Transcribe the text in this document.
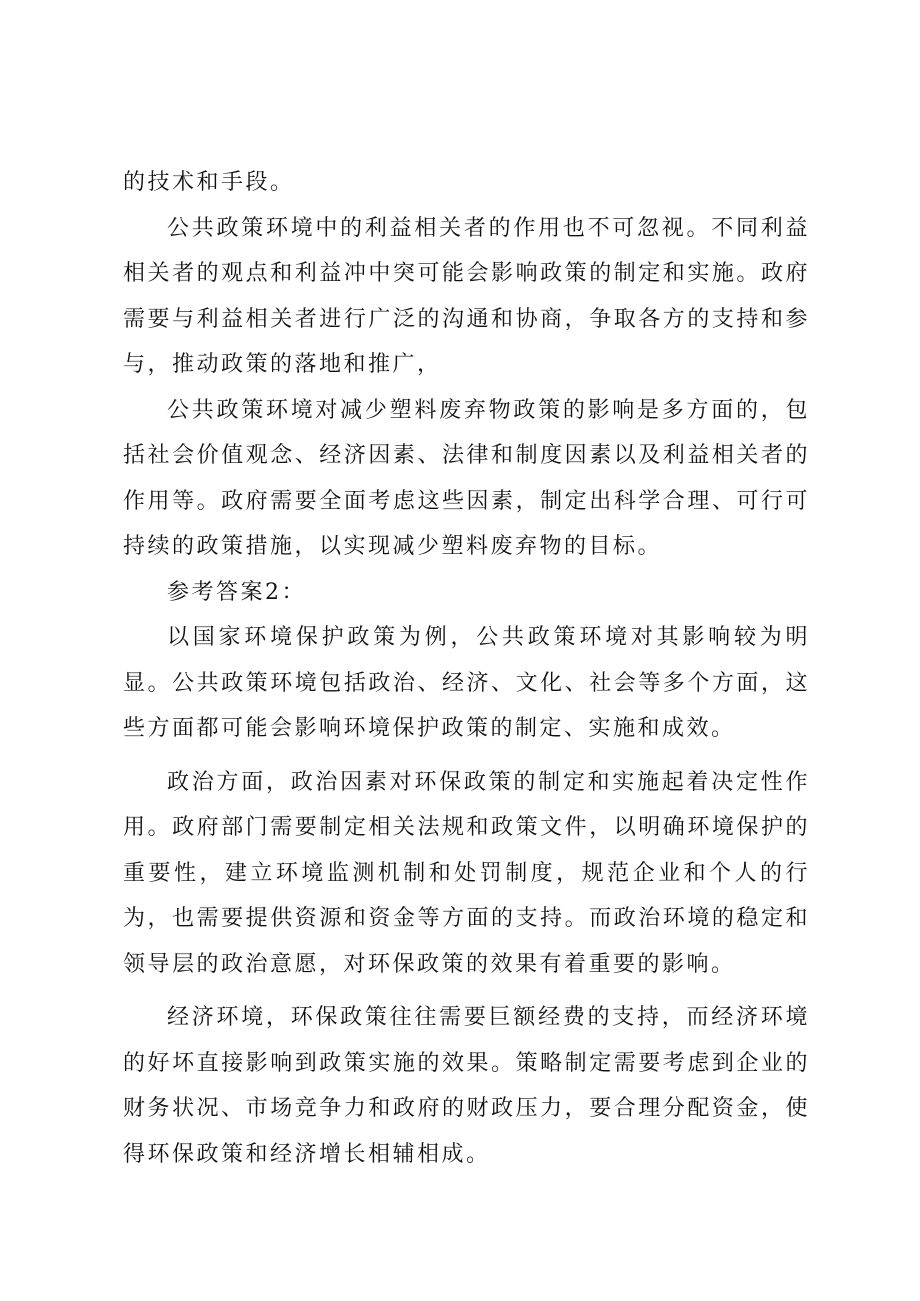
的技术和手段。

公共政策环境中的利益相关者的作用也不可忽视。不同利益相关者的观点和利益冲中突可能会影响政策的制定和实施。政府需要与利益相关者进行广泛的沟通和协商，争取各方的支持和参与，推动政策的落地和推广，

公共政策环境对减少塑料废弃物政策的影响是多方面的，包括社会价值观念、经济因素、法律和制度因素以及利益相关者的作用等。政府需要全面考虑这些因素，制定出科学合理、可行可持续的政策措施，以实现减少塑料废弃物的目标。

参考答案2：

以国家环境保护政策为例，公共政策环境对其影响较为明显。公共政策环境包括政治、经济、文化、社会等多个方面，这些方面都可能会影响环境保护政策的制定、实施和成效。

政治方面，政治因素对环保政策的制定和实施起着决定性作用。政府部门需要制定相关法规和政策文件，以明确环境保护的重要性，建立环境监测机制和处罚制度，规范企业和个人的行为，也需要提供资源和资金等方面的支持。而政治环境的稳定和领导层的政治意愿，对环保政策的效果有着重要的影响。

经济环境，环保政策往往需要巨额经费的支持，而经济环境的好坏直接影响到政策实施的效果。策略制定需要考虑到企业的财务状况、市场竞争力和政府的财政压力，要合理分配资金，使得环保政策和经济增长相辅相成。
